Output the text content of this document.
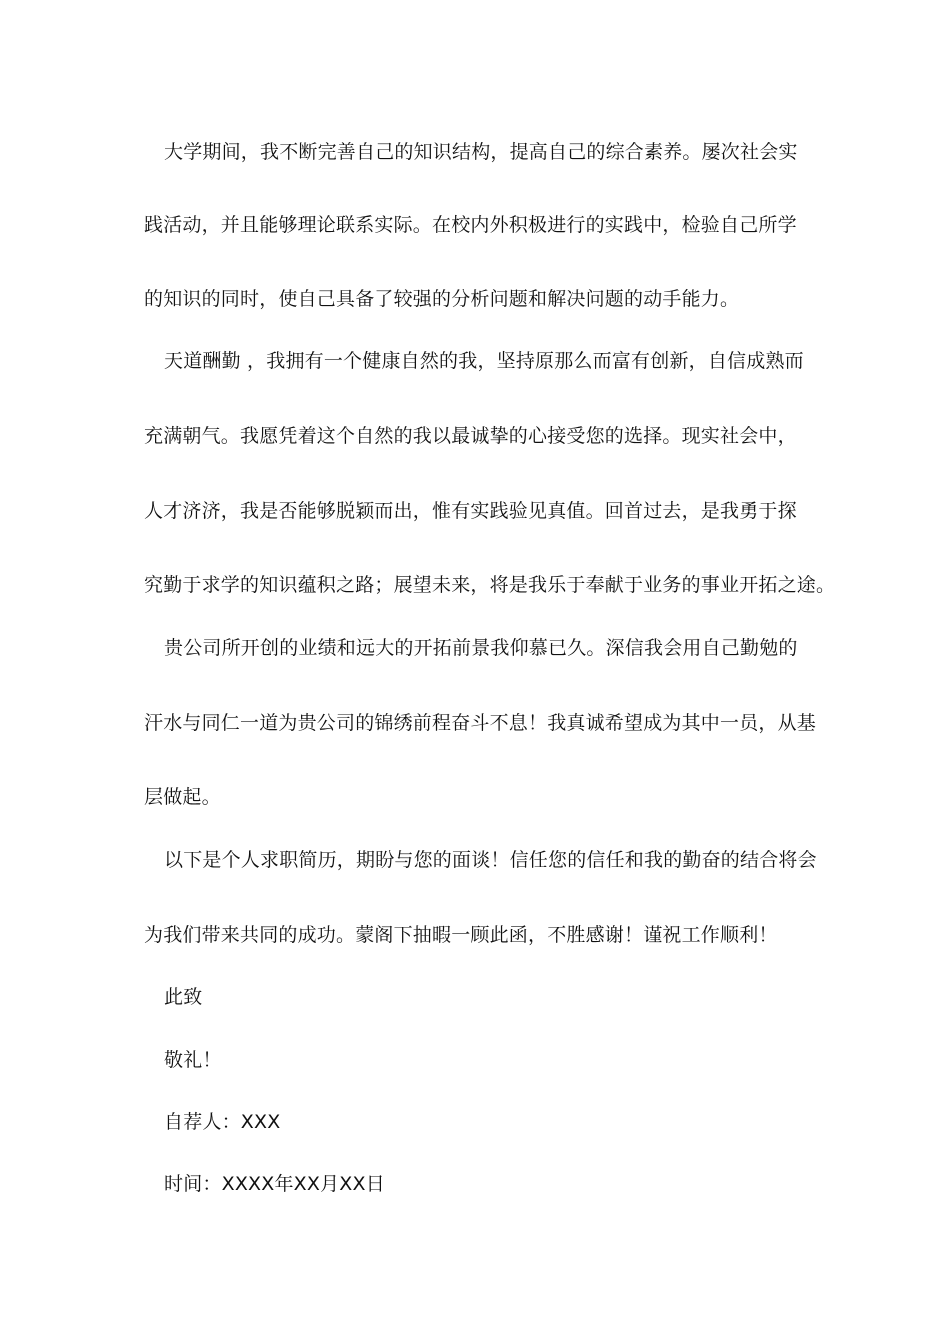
大学期间，我不断完善自己的知识结构，提高自己的综合素养。屡次社会实
践活动，并且能够理论联系实际。在校内外积极进行的实践中，检验自己所学
的知识的同时，使自己具备了较强的分析问题和解决问题的动手能力。
天道酬勤 ，我拥有一个健康自然的我，坚持原那么而富有创新，自信成熟而
充满朝气。我愿凭着这个自然的我以最诚挚的心接受您的选择。现实社会中，
人才济济，我是否能够脱颖而出，惟有实践验见真值。回首过去，是我勇于探
究勤于求学的知识蕴积之路；展望未来，将是我乐于奉献于业务的事业开拓之途。
贵公司所开创的业绩和远大的开拓前景我仰慕已久。深信我会用自己勤勉的
汗水与同仁一道为贵公司的锦绣前程奋斗不息！我真诚希望成为其中一员，从基
层做起。
以下是个人求职简历，期盼与您的面谈！信任您的信任和我的勤奋的结合将会
为我们带来共同的成功。蒙阁下抽暇一顾此函，不胜感谢！谨祝工作顺利！
此致
敬礼！
自荐人：XXX
时间：XXXX年XX月XX日
